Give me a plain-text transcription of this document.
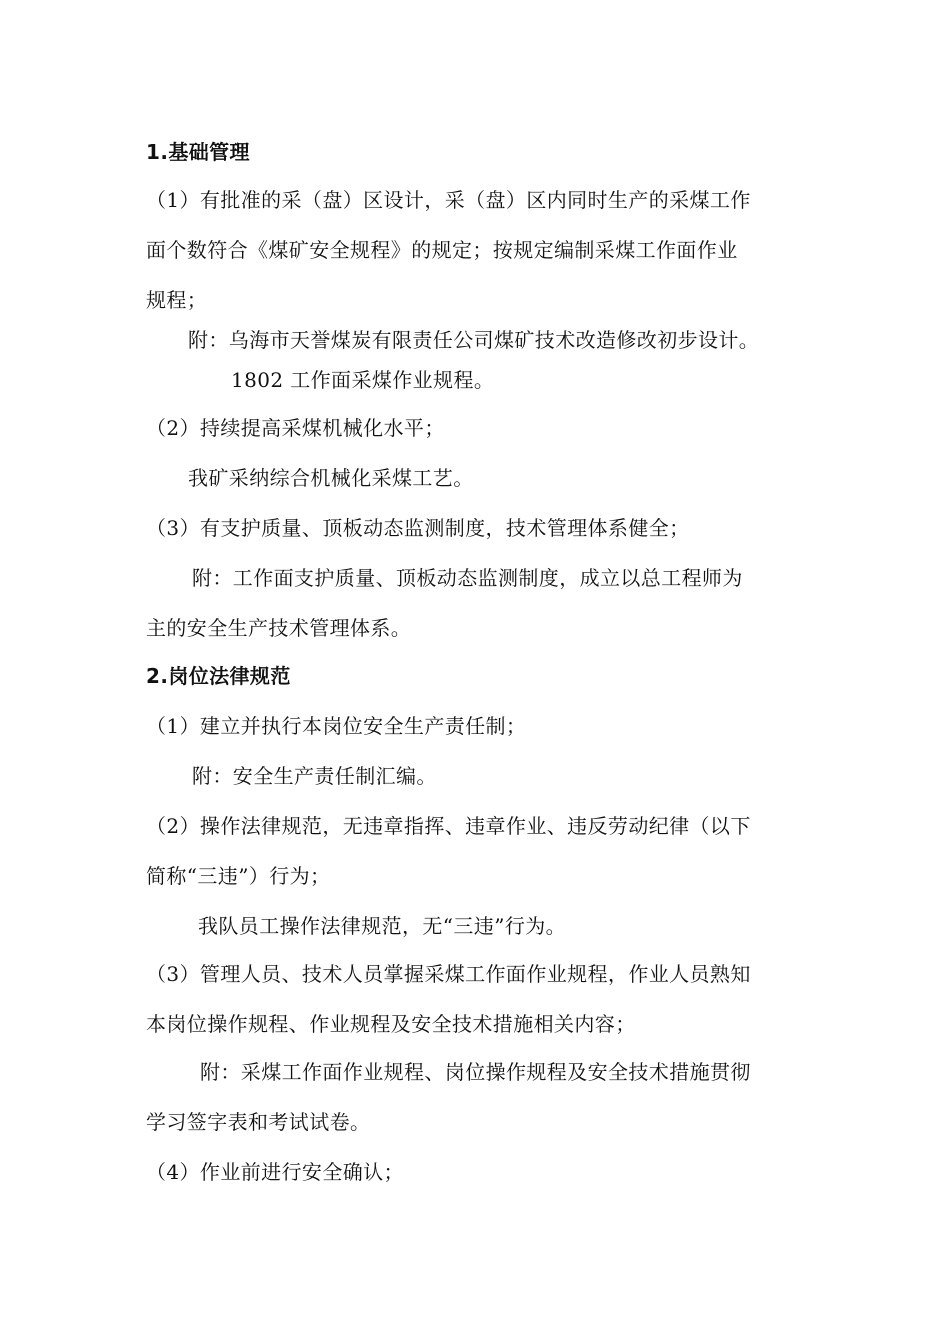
1.基础管理
（1）有批准的采（盘）区设计，采（盘）区内同时生产的采煤工作
面个数符合《煤矿安全规程》的规定；按规定编制采煤工作面作业
规程；
附：乌海市天誉煤炭有限责任公司煤矿技术改造修改初步设计。
1802 工作面采煤作业规程。
（2）持续提高采煤机械化水平；
我矿采纳综合机械化采煤工艺。
（3）有支护质量、顶板动态监测制度，技术管理体系健全；
附：工作面支护质量、顶板动态监测制度，成立以总工程师为
主的安全生产技术管理体系。
2.岗位法律规范
（1）建立并执行本岗位安全生产责任制；
附：安全生产责任制汇编。
（2）操作法律规范，无违章指挥、违章作业、违反劳动纪律（以下
简称“三违”）行为；
我队员工操作法律规范，无“三违”行为。
（3）管理人员、技术人员掌握采煤工作面作业规程，作业人员熟知
本岗位操作规程、作业规程及安全技术措施相关内容；
附：采煤工作面作业规程、岗位操作规程及安全技术措施贯彻
学习签字表和考试试卷。
（4）作业前进行安全确认；
